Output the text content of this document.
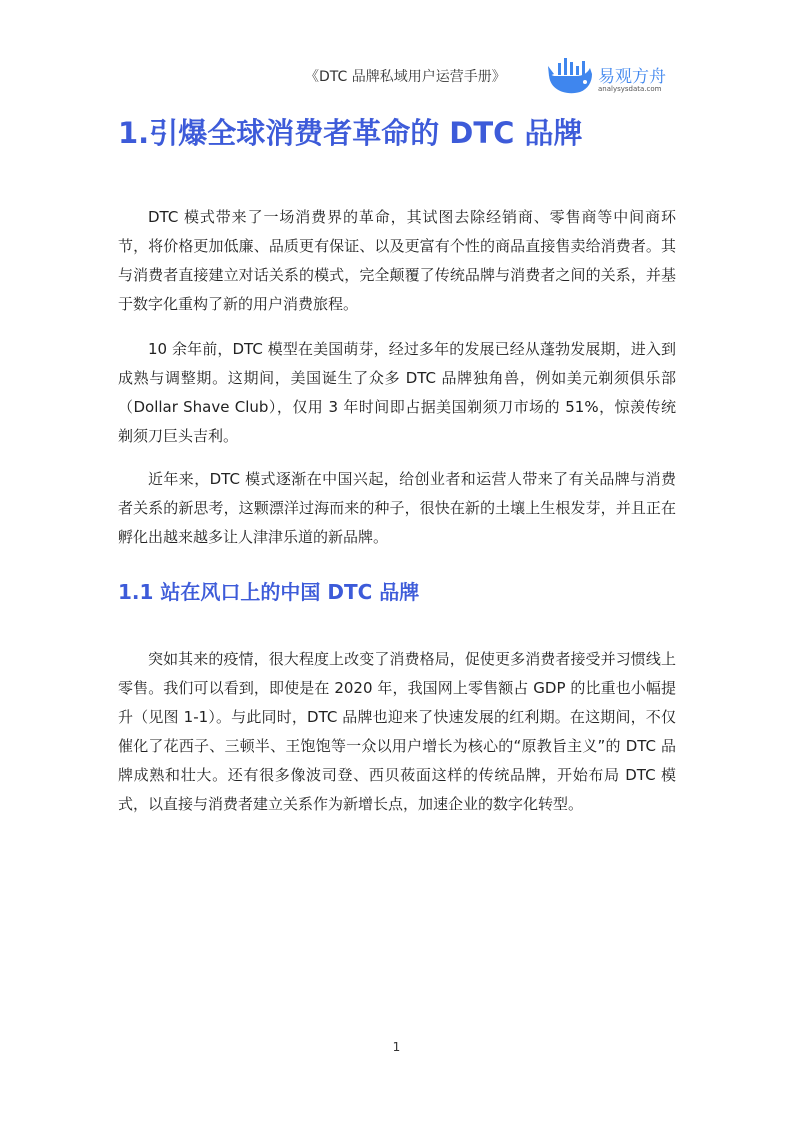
《DTC 品牌私域用户运营手册》	易观方舟
analysysdata.com
1.引爆全球消费者革命的 DTC 品牌

DTC 模式带来了一场消费界的革命，其试图去除经销商、零售商等中间商环节，将价格更加低廉、品质更有保证、以及更富有个性的商品直接售卖给消费者。其与消费者直接建立对话关系的模式，完全颠覆了传统品牌与消费者之间的关系，并基于数字化重构了新的用户消费旅程。

10 余年前，DTC 模型在美国萌芽，经过多年的发展已经从蓬勃发展期，进入到成熟与调整期。这期间，美国诞生了众多 DTC 品牌独角兽，例如美元剃须俱乐部（Dollar Shave Club），仅用 3 年时间即占据美国剃须刀市场的 51%，惊羡传统剃须刀巨头吉利。

近年来，DTC 模式逐渐在中国兴起，给创业者和运营人带来了有关品牌与消费者关系的新思考，这颗漂洋过海而来的种子，很快在新的土壤上生根发芽，并且正在孵化出越来越多让人津津乐道的新品牌。

1.1 站在风口上的中国 DTC 品牌

突如其来的疫情，很大程度上改变了消费格局，促使更多消费者接受并习惯线上零售。我们可以看到，即使是在 2020 年，我国网上零售额占 GDP 的比重也小幅提升（见图 1-1）。与此同时，DTC 品牌也迎来了快速发展的红利期。在这期间，不仅催化了花西子、三顿半、王饱饱等一众以用户增长为核心的“原教旨主义”的 DTC 品牌成熟和壮大。还有很多像波司登、西贝莜面这样的传统品牌，开始布局 DTC 模式，以直接与消费者建立关系作为新增长点，加速企业的数字化转型。

1
